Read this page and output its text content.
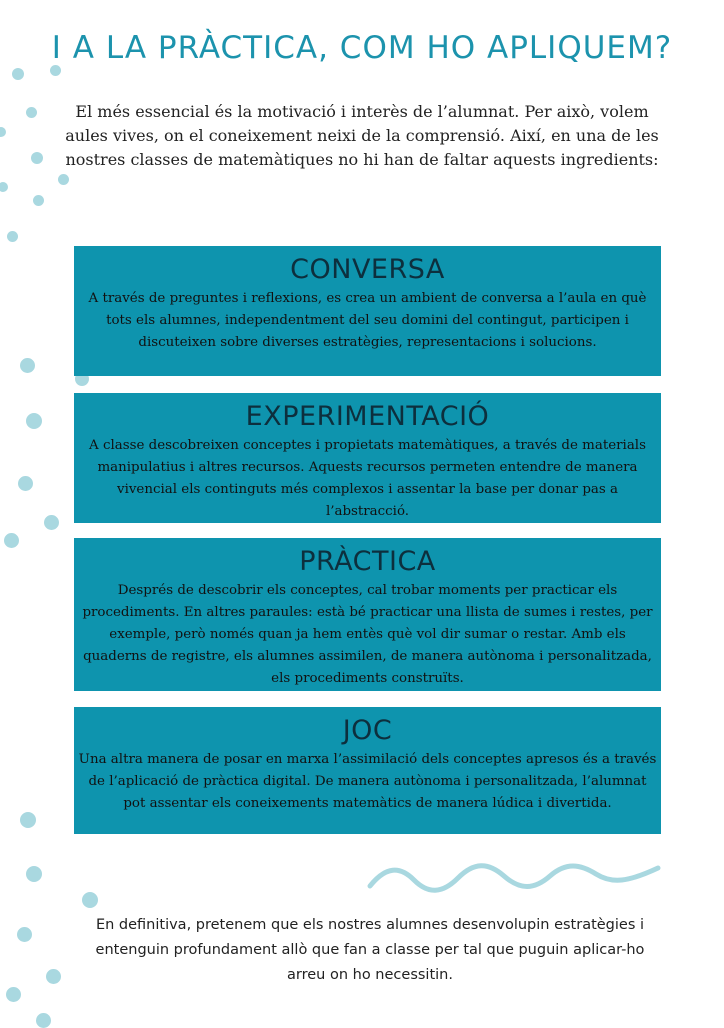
I A LA PRÀCTICA, COM HO APLIQUEM?

El més essencial és la motivació i interès de l’alumnat. Per això, volem aules vives, on el coneixement neixi de la comprensió. Així, en una de les nostres classes de matemàtiques no hi han de faltar aquests ingredients:

CONVERSA

A través de preguntes i reflexions, es crea un ambient de conversa a l’aula en què tots els alumnes, independentment del seu domini del contingut, participen i discuteixen sobre diverses estratègies, representacions i solucions.

EXPERIMENTACIÓ

A classe descobreixen conceptes i propietats matemàtiques, a través de materials manipulatius i altres recursos. Aquests recursos permeten entendre de manera vivencial els continguts més complexos i assentar la base per donar pas a l’abstracció.

PRÀCTICA

Després de descobrir els conceptes, cal trobar moments per practicar els procediments. En altres paraules: està bé practicar una llista de sumes i restes, per exemple, però només quan ja hem entès què vol dir sumar o restar. Amb els quaderns de registre, els alumnes assimilen, de manera autònoma i personalitzada, els procediments construïts.

JOC

Una altra manera de posar en marxa l’assimilació dels conceptes apresos és a través de l’aplicació de pràctica digital. De manera autònoma i personalitzada, l’alumnat pot assentar els coneixements matemàtics de manera lúdica i divertida.

En definitiva, pretenem que els nostres alumnes desenvolupin estratègies i entenguin profundament allò que fan a classe per tal que puguin aplicar-ho arreu on ho necessitin.
